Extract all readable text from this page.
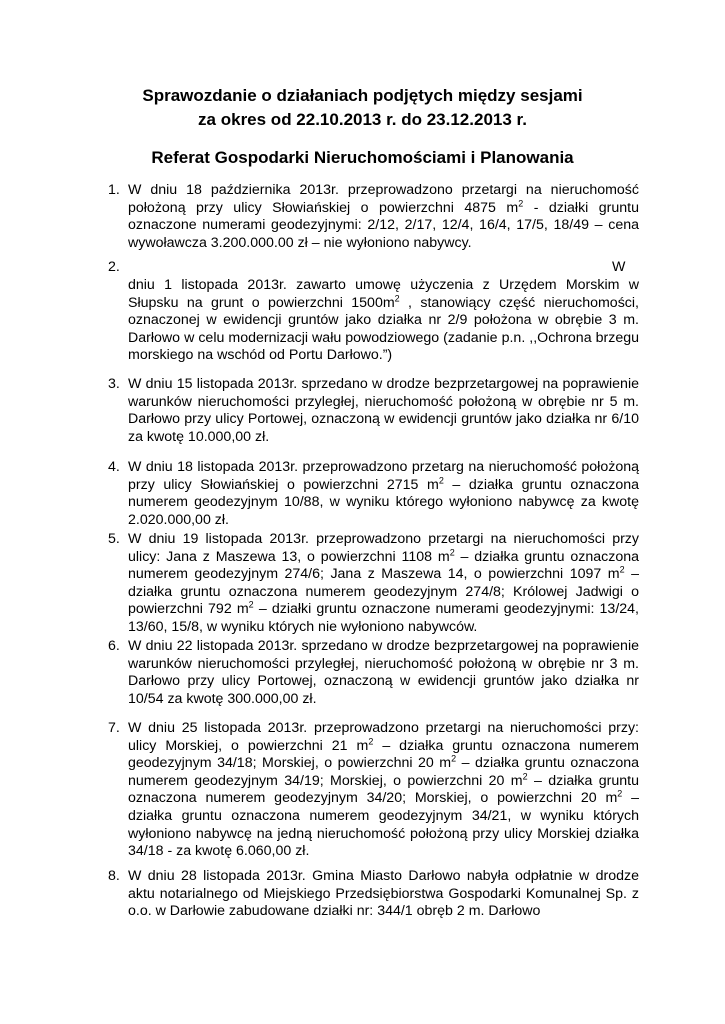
Sprawozdanie o działaniach podjętych między sesjami
za okres od 22.10.2013 r. do 23.12.2013 r.
Referat Gospodarki Nieruchomościami i Planowania
1. W dniu 18 października 2013r. przeprowadzono przetargi na nieruchomość położoną przy ulicy Słowiańskiej o powierzchni 4875 $m^2$ - działki gruntu oznaczone numerami geodezyjnymi: 2/12, 2/17, 12/4, 16/4, 17/5, 18/49 – cena wywoławcza 3.200.000.00 zł – nie wyłoniono nabywcy.
2.	W
dniu 1 listopada 2013r. zawarto umowę użyczenia z Urzędem Morskim w Słupsku na grunt o powierzchni $1500m^2$ , stanowiący część nieruchomości, oznaczonej w ewidencji gruntów jako działka nr 2/9 położona w obrębie 3 m. Darłowo w celu modernizacji wału powodziowego (zadanie p.n. ,,Ochrona brzegu morskiego na wschód od Portu Darłowo.”)
3. W dniu 15 listopada 2013r. sprzedano w drodze bezprzetargowej na poprawienie warunków nieruchomości przyległej, nieruchomość położoną w obrębie nr 5 m. Darłowo przy ulicy Portowej, oznaczoną w ewidencji gruntów jako działka nr 6/10 za kwotę 10.000,00 zł.
4. W dniu 18 listopada 2013r. przeprowadzono przetarg na nieruchomość położoną przy ulicy Słowiańskiej o powierzchni 2715 $m^2$ – działka gruntu oznaczona numerem geodezyjnym 10/88, w wyniku którego wyłoniono nabywcę za kwotę 2.020.000,00 zł.
5. W dniu 19 listopada 2013r. przeprowadzono przetargi na nieruchomości przy ulicy: Jana z Maszewa 13, o powierzchni 1108 $m^2$ – działka gruntu oznaczona numerem geodezyjnym 274/6; Jana z Maszewa 14, o powierzchni 1097 $m^2$ – działka gruntu oznaczona numerem geodezyjnym 274/8; Królowej Jadwigi o powierzchni 792 $m^2$ – działki gruntu oznaczone numerami geodezyjnymi: 13/24, 13/60, 15/8, w wyniku których nie wyłoniono nabywców.
6. W dniu 22 listopada 2013r. sprzedano w drodze bezprzetargowej na poprawienie warunków nieruchomości przyległej, nieruchomość położoną w obrębie nr 3 m. Darłowo przy ulicy Portowej, oznaczoną w ewidencji gruntów jako działka nr 10/54 za kwotę 300.000,00 zł.
7. W dniu 25 listopada 2013r. przeprowadzono przetargi na nieruchomości przy: ulicy Morskiej, o powierzchni 21 $m^2$ – działka gruntu oznaczona numerem geodezyjnym 34/18; Morskiej, o powierzchni 20 $m^2$ – działka gruntu oznaczona numerem geodezyjnym 34/19; Morskiej, o powierzchni 20 $m^2$ – działka gruntu oznaczona numerem geodezyjnym 34/20; Morskiej, o powierzchni 20 $m^2$ – działka gruntu oznaczona numerem geodezyjnym 34/21, w wyniku których wyłoniono nabywcę na jedną nieruchomość położoną przy ulicy Morskiej działka 34/18 - za kwotę 6.060,00 zł.
8. W dniu 28 listopada 2013r. Gmina Miasto Darłowo nabyła odpłatnie w drodze aktu notarialnego od Miejskiego Przedsiębiorstwa Gospodarki Komunalnej Sp. z o.o. w Darłowie zabudowane działki nr: 344/1 obręb 2 m. Darłowo
